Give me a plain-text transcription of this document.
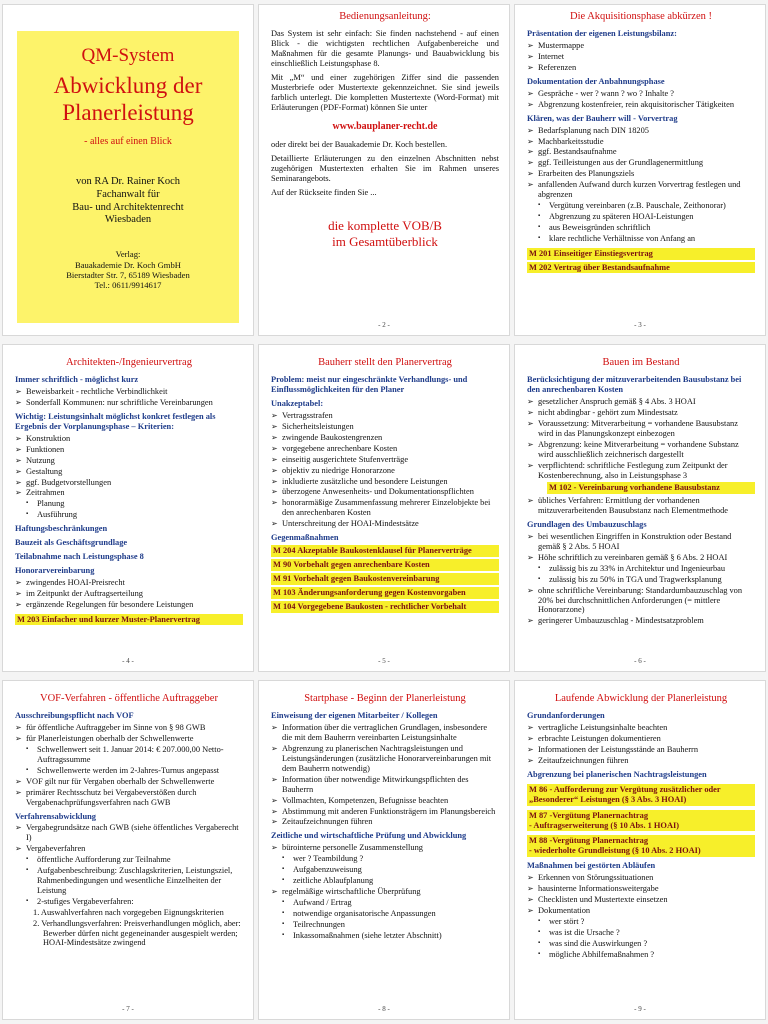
QM-System
Abwicklung der
Planerleistung
- alles auf einen Blick
von RA Dr. Rainer Koch
Fachanwalt für
Bau- und Architektenrecht
Wiesbaden
Verlag:
Bauakademie Dr. Koch GmbH
Bierstadter Str. 7, 65189 Wiesbaden
Tel.: 0611/9914617
Bedienungsanleitung:
Das System ist sehr einfach: Sie finden nachstehend - auf einen Blick - die wichtigsten rechtlichen Aufgabenbereiche und Maßnahmen für die gesamte Planungs- und Bauabwicklung bis einschließlich Leistungsphase 8.
Mit „M“ und einer zugehörigen Ziffer sind die passenden Musterbriefe oder Mustertexte gekennzeichnet. Sie sind jeweils farblich unterlegt. Die kompletten Mustertexte (Word-Format) mit Erläuterungen (PDF-Format) können Sie unter
www.bauplaner-recht.de
oder direkt bei der Bauakademie Dr. Koch bestellen.
Detaillierte Erläuterungen zu den einzelnen Abschnitten nebst zugehörigen Mustertexten erhalten Sie im Rahmen unseres Seminarangebots.
Auf der Rückseite finden Sie ...
die komplette VOB/B
im Gesamtüberblick
- 2 -
Die Akquisitionsphase abkürzen !
Präsentation der eigenen Leistungsbilanz:
➢ Mustermappe
➢ Internet
➢ Referenzen
Dokumentation der Anbahnungsphase
➢ Gespräche - wer ? wann ? wo ? Inhalte ?
➢ Abgrenzung kostenfreier, rein akquisitorischer Tätigkeiten
Klären, was der Bauherr will - Vorvertrag
➢ Bedarfsplanung nach DIN 18205
➢ Machbarkeitsstudie
➢ ggf. Bestandsaufnahme
➢ ggf. Teilleistungen aus der Grundlagenermittlung
➢ Erarbeiten des Planungsziels
➢ anfallenden Aufwand durch kurzen Vorvertrag festlegen und abgrenzen
▪ Vergütung vereinbaren (z.B. Pauschale, Zeithonorar)
▪ Abgrenzung zu späteren HOAI-Leistungen
▪ aus Beweisgründen schriftlich
▪ klare rechtliche Verhältnisse von Anfang an
M 201 Einseitiger Einstiegsvertrag
M 202 Vertrag über Bestandsaufnahme
- 3 -
Architekten-/Ingenieurvertrag
Immer schriftlich - möglichst kurz
➢ Beweisbarkeit - rechtliche Verbindlichkeit
➢ Sonderfall Kommunen: nur schriftliche Vereinbarungen
Wichtig: Leistungsinhalt möglichst konkret festlegen als Ergebnis der Vorplanungsphase – Kriterien:
➢ Konstruktion
➢ Funktionen
➢ Nutzung
➢ Gestaltung
➢ ggf. Budgetvorstellungen
➢ Zeitrahmen
▪ Planung
▪ Ausführung
Haftungsbeschränkungen
Bauzeit als Geschäftsgrundlage
Teilabnahme nach Leistungsphase 8
Honorarvereinbarung
➢ zwingendes HOAI-Preisrecht
➢ im Zeitpunkt der Auftragserteilung
➢ ergänzende Regelungen für besondere Leistungen
M 203 Einfacher und kurzer Muster-Planervertrag
- 4 -
Bauherr stellt den Planervertrag
Problem: meist nur eingeschränkte Verhandlungs- und Einflussmöglichkeiten für den Planer
Unakzeptabel:
➢ Vertragsstrafen
➢ Sicherheitsleistungen
➢ zwingende Baukostengrenzen
➢ vorgegebene anrechenbare Kosten
➢ einseitig ausgerichtete Stufenverträge
➢ objektiv zu niedrige Honorarzone
➢ inkludierte zusätzliche und besondere Leistungen
➢ überzogene Anwesenheits- und Dokumentationspflichten
➢ honorarmäßige Zusammenfassung mehrerer Einzelobjekte bei den anrechenbaren Kosten
➢ Unterschreitung der HOAI-Mindestsätze
Gegenmaßnahmen
M 204 Akzeptable Baukostenklausel für Planerverträge
M 90 Vorbehalt gegen anrechenbare Kosten
M 91 Vorbehalt gegen Baukostenvereinbarung
M 103 Änderungsanforderung gegen Kostenvorgaben
M 104 Vorgegebene Baukosten - rechtlicher Vorbehalt
- 5 -
Bauen im Bestand
Berücksichtigung der mitzuverarbeitenden Bausubstanz bei den anrechenbaren Kosten
➢ gesetzlicher Anspruch gemäß § 4 Abs. 3 HOAI
➢ nicht abdingbar - gehört zum Mindestsatz
➢ Voraussetzung: Mitverarbeitung = vorhandene Bausubstanz wird in das Planungskonzept einbezogen
➢ Abgrenzung: keine Mitverarbeitung = vorhandene Substanz wird ausschließlich zeichnerisch dargestellt
➢ verpflichtend: schriftliche Festlegung zum Zeitpunkt der Kostenberechnung, also in Leistungsphase 3
M 102 - Vereinbarung vorhandene Bausubstanz
➢ übliches Verfahren: Ermittlung der vorhandenen mitzuverarbeitenden Bausubstanz nach Elementmethode
Grundlagen des Umbauzuschlags
➢ bei wesentlichen Eingriffen in Konstruktion oder Bestand gemäß § 2 Abs. 5 HOAI
➢ Höhe schriftlich zu vereinbaren gemäß § 6 Abs. 2 HOAI
▪ zulässig bis zu 33% in Architektur und Ingenieurbau
▪ zulässig bis zu 50% in TGA und Tragwerksplanung
➢ ohne schriftliche Vereinbarung: Standardumbauzuschlag von 20% bei durchschnittlichen Anforderungen (= mittlere Honorarzone)
➢ geringerer Umbauzuschlag - Mindestsatzproblem
- 6 -
VOF-Verfahren - öffentliche Auftraggeber
Ausschreibungspflicht nach VOF
➢ für öffentliche Auftraggeber im Sinne von § 98 GWB
➢ für Planerleistungen oberhalb der Schwellenwerte
▪ Schwellenwert seit 1. Januar 2014: € 207.000,00 Netto-Auftragssumme
▪ Schwellenwerte werden im 2-Jahres-Turnus angepasst
➢ VOF gilt nur für Vergaben oberhalb der Schwellenwerte
➢ primärer Rechtsschutz bei Vergabeverstößen durch Vergabenachprüfungsverfahren nach GWB
Verfahrensabwicklung
➢ Vergabegrundsätze nach GWB (siehe öffentliches Vergaberecht I)
➢ Vergabeverfahren
▪ öffentliche Aufforderung zur Teilnahme
▪ Aufgabenbeschreibung: Zuschlagskriterien, Leistungsziel, Rahmenbedingungen und wesentliche Einzelheiten der Leistung
▪ 2-stufiges Vergabeverfahren:
1. Auswahlverfahren nach vorgegeben Eignungskriterien
2. Verhandlungsverfahren: Preisverhandlungen möglich, aber: Bewerber dürfen nicht gegeneinander ausgespielt werden; HOAI-Mindestsätze zwingend
- 7 -
Startphase - Beginn der Planerleistung
Einweisung der eigenen Mitarbeiter / Kollegen
➢ Information über die vertraglichen Grundlagen, insbesondere die mit dem Bauherrn vereinbarten Leistungsinhalte
➢ Abgrenzung zu planerischen Nachtragsleistungen und Leistungsänderungen (zusätzliche Honorarvereinbarungen mit dem Bauherrn notwendig)
➢ Information über notwendige Mitwirkungspflichten des Bauherrn
➢ Vollmachten, Kompetenzen, Befugnisse beachten
➢ Abstimmung mit anderen Funktionsträgern im Planungsbereich
➢ Zeitaufzeichnungen führen
Zeitliche und wirtschaftliche Prüfung und Abwicklung
➢ bürointerne personelle Zusammenstellung
▪ wer ? Teambildung ?
▪ Aufgabenzuweisung
▪ zeitliche Ablaufplanung
➢ regelmäßige wirtschaftliche Überprüfung
▪ Aufwand / Ertrag
▪ notwendige organisatorische Anpassungen
▪ Teilrechnungen
▪ Inkassomaßnahmen (siehe letzter Abschnitt)
- 8 -
Laufende Abwicklung der Planerleistung
Grundanforderungen
➢ vertragliche Leistungsinhalte beachten
➢ erbrachte Leistungen dokumentieren
➢ Informationen der Leistungsstände an Bauherrn
➢ Zeitaufzeichnungen führen
Abgrenzung bei planerischen Nachtragsleistungen
M 86 - Aufforderung zur Vergütung zusätzlicher oder
„Besonderer“ Leistungen (§ 3 Abs. 3 HOAI)
M 87 -Vergütung Planernachtrag
- Auftragserweiterung (§ 10 Abs. 1 HOAI)
M 88 -Vergütung Planernachtrag
- wiederholte Grundleistung (§ 10 Abs. 2 HOAI)
Maßnahmen bei gestörten Abläufen
➢ Erkennen von Störungssituationen
➢ hausinterne Informationsweitergabe
➢ Checklisten und Mustertexte einsetzen
➢ Dokumentation
▪ wer stört ?
▪ was ist die Ursache ?
▪ was sind die Auswirkungen ?
▪ mögliche Abhilfemaßnahmen ?
- 9 -
